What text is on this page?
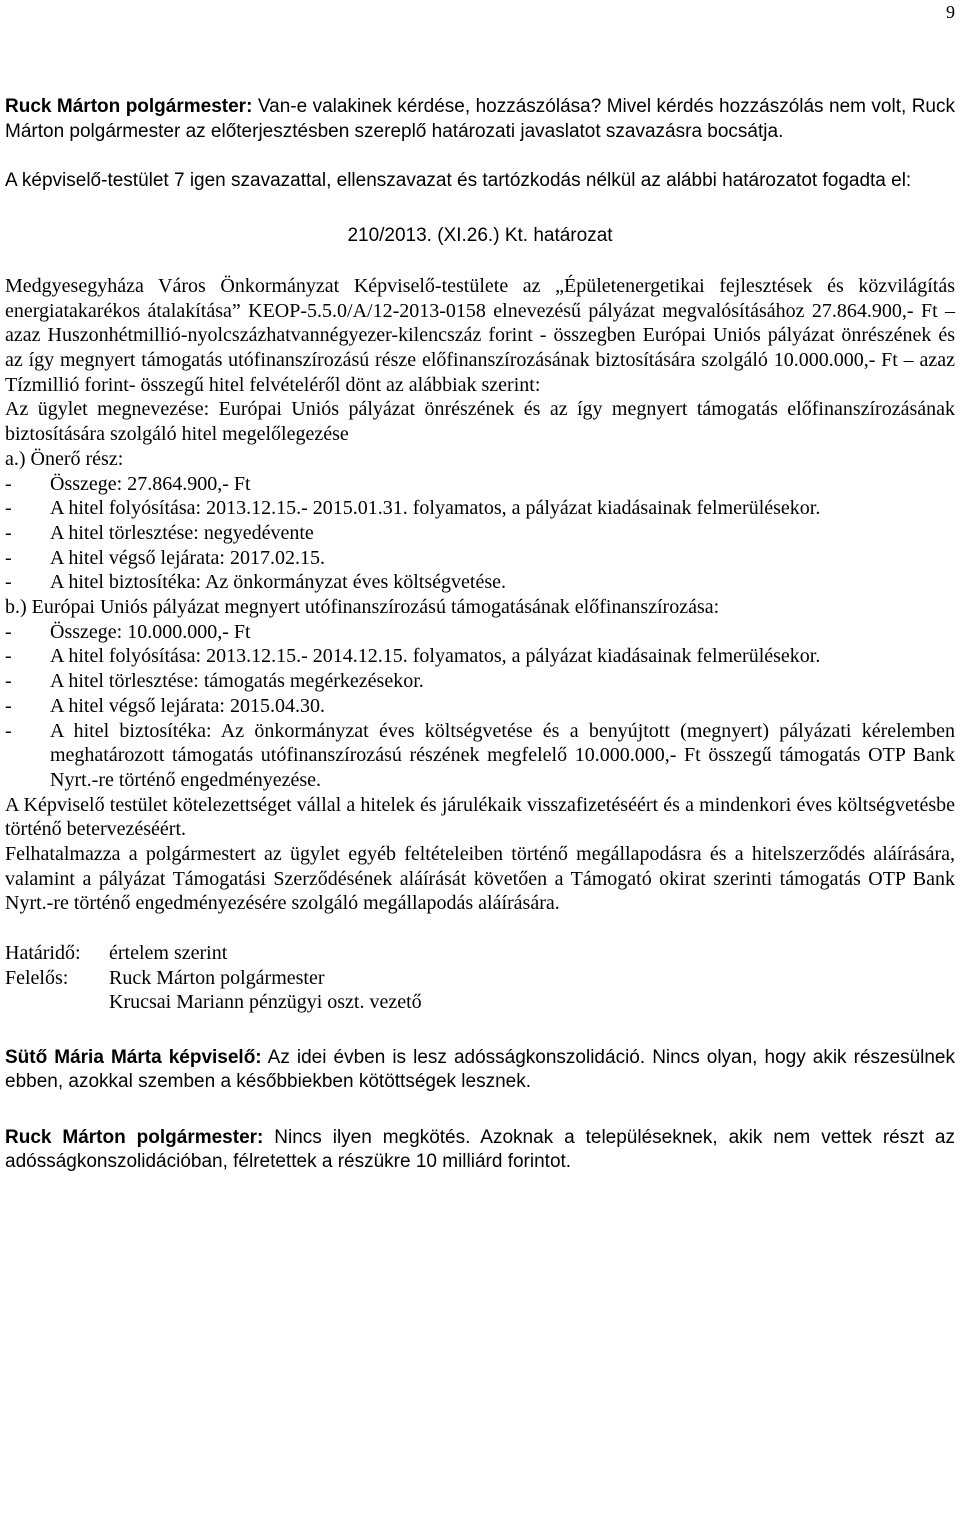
9

Ruck Márton polgármester: Van-e valakinek kérdése, hozzászólása? Mivel kérdés hozzászólás nem volt, Ruck Márton polgármester az előterjesztésben szereplő határozati javaslatot szavazásra bocsátja.

A képviselő-testület 7 igen szavazattal, ellenszavazat és tartózkodás nélkül az alábbi határozatot fogadta el:

210/2013. (XI.26.) Kt. határozat

Medgyesegyháza Város Önkormányzat Képviselő-testülete az „Épületenergetikai fejlesztések és közvilágítás energiatakarékos átalakítása” KEOP-5.5.0/A/12-2013-0158 elnevezésű pályázat megvalósításához 27.864.900,- Ft – azaz Huszonhétmillió-nyolcszázhatvannégyezer-kilencszáz forint - összegben Európai Uniós pályázat önrészének és az így megnyert támogatás utófinanszírozású része előfinanszírozásának biztosítására szolgáló 10.000.000,- Ft – azaz Tízmillió forint- összegű hitel felvételéről dönt az alábbiak szerint:

Az ügylet megnevezése: Európai Uniós pályázat önrészének és az így megnyert támogatás előfinanszírozásának biztosítására szolgáló hitel megelőlegezése

a.) Önerő rész:

-	Összege: 27.864.900,- Ft
-	A hitel folyósítása: 2013.12.15.- 2015.01.31. folyamatos, a pályázat kiadásainak felmerülésekor.
-	A hitel törlesztése: negyedévente
-	A hitel végső lejárata: 2017.02.15.
-	A hitel biztosítéka: Az önkormányzat éves költségvetése.

b.) Európai Uniós pályázat megnyert utófinanszírozású támogatásának előfinanszírozása:

-	Összege: 10.000.000,- Ft
-	A hitel folyósítása: 2013.12.15.- 2014.12.15. folyamatos, a pályázat kiadásainak felmerülésekor.
-	A hitel törlesztése: támogatás megérkezésekor.
-	A hitel végső lejárata: 2015.04.30.
-	A hitel biztosítéka: Az önkormányzat éves költségvetése és a benyújtott (megnyert) pályázati kérelemben meghatározott támogatás utófinanszírozású részének megfelelő 10.000.000,- Ft összegű támogatás OTP Bank Nyrt.-re történő engedményezése.

A Képviselő testület kötelezettséget vállal a hitelek és járulékaik visszafizetéséért és a mindenkori éves költségvetésbe történő betervezéséért.

Felhatalmazza a polgármestert az ügylet egyéb feltételeiben történő megállapodásra és a hitelszerződés aláírására, valamint a pályázat Támogatási Szerződésének aláírását követően a Támogató okirat szerinti támogatás OTP Bank Nyrt.-re történő engedményezésére szolgáló megállapodás aláírására.

Határidő:	értelem szerint
Felelős:	Ruck Márton polgármester
Krucsai Mariann pénzügyi oszt. vezető

Sütő Mária Márta képviselő: Az idei évben is lesz adósságkonszolidáció. Nincs olyan, hogy akik részesülnek ebben, azokkal szemben a későbbiekben kötöttségek lesznek.

Ruck Márton polgármester: Nincs ilyen megkötés. Azoknak a településeknek, akik nem vettek részt az adósságkonszolidációban, félretettek a részükre 10 milliárd forintot.
